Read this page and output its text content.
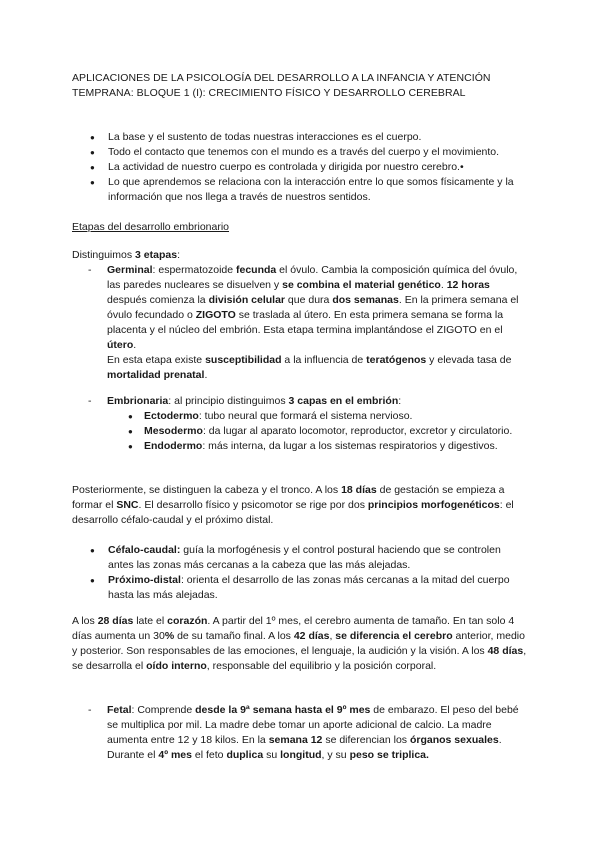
APLICACIONES DE LA PSICOLOGÍA DEL DESARROLLO A LA INFANCIA Y ATENCIÓN TEMPRANA: BLOQUE 1 (I): CRECIMIENTO FÍSICO Y DESARROLLO CEREBRAL
● La base y el sustento de todas nuestras interacciones es el cuerpo.
● Todo el contacto que tenemos con el mundo es a través del cuerpo y el movimiento.
● La actividad de nuestro cuerpo es controlada y dirigida por nuestro cerebro.•
● Lo que aprendemos se relaciona con la interacción entre lo que somos físicamente y la información que nos llega a través de nuestros sentidos.
Etapas del desarrollo embrionario
Distinguimos 3 etapas:
- Germinal: espermatozoide fecunda el óvulo. Cambia la composición química del óvulo, las paredes nucleares se disuelven y se combina el material genético. 12 horas después comienza la división celular que dura dos semanas. En la primera semana el óvulo fecundado o ZIGOTO se traslada al útero. En esta primera semana se forma la placenta y el núcleo del embrión. Esta etapa termina implantándose el ZIGOTO en el útero.
En esta etapa existe susceptibilidad a la influencia de teratógenos y elevada tasa de mortalidad prenatal.
- Embrionaria: al principio distinguimos 3 capas en el embrión:
● Ectodermo: tubo neural que formará el sistema nervioso.
● Mesodermo: da lugar al aparato locomotor, reproductor, excretor y circulatorio.
● Endodermo: más interna, da lugar a los sistemas respiratorios y digestivos.
Posteriormente, se distinguen la cabeza y el tronco. A los 18 días de gestación se empieza a formar el SNC. El desarrollo físico y psicomotor se rige por dos principios morfogenéticos: el desarrollo céfalo-caudal y el próximo distal.
● Céfalo-caudal: guía la morfogénesis y el control postural haciendo que se controlen antes las zonas más cercanas a la cabeza que las más alejadas.
● Próximo-distal: orienta el desarrollo de las zonas más cercanas a la mitad del cuerpo hasta las más alejadas.
A los 28 días late el corazón. A partir del 1º mes, el cerebro aumenta de tamaño. En tan solo 4 días aumenta un 30% de su tamaño final. A los 42 días, se diferencia el cerebro anterior, medio y posterior. Son responsables de las emociones, el lenguaje, la audición y la visión. A los 48 días, se desarrolla el oído interno, responsable del equilibrio y la posición corporal.
- Fetal: Comprende desde la 9ª semana hasta el 9º mes de embarazo. El peso del bebé se multiplica por mil. La madre debe tomar un aporte adicional de calcio. La madre aumenta entre 12 y 18 kilos. En la semana 12 se diferencian los órganos sexuales. Durante el 4º mes el feto duplica su longitud, y su peso se triplica.
